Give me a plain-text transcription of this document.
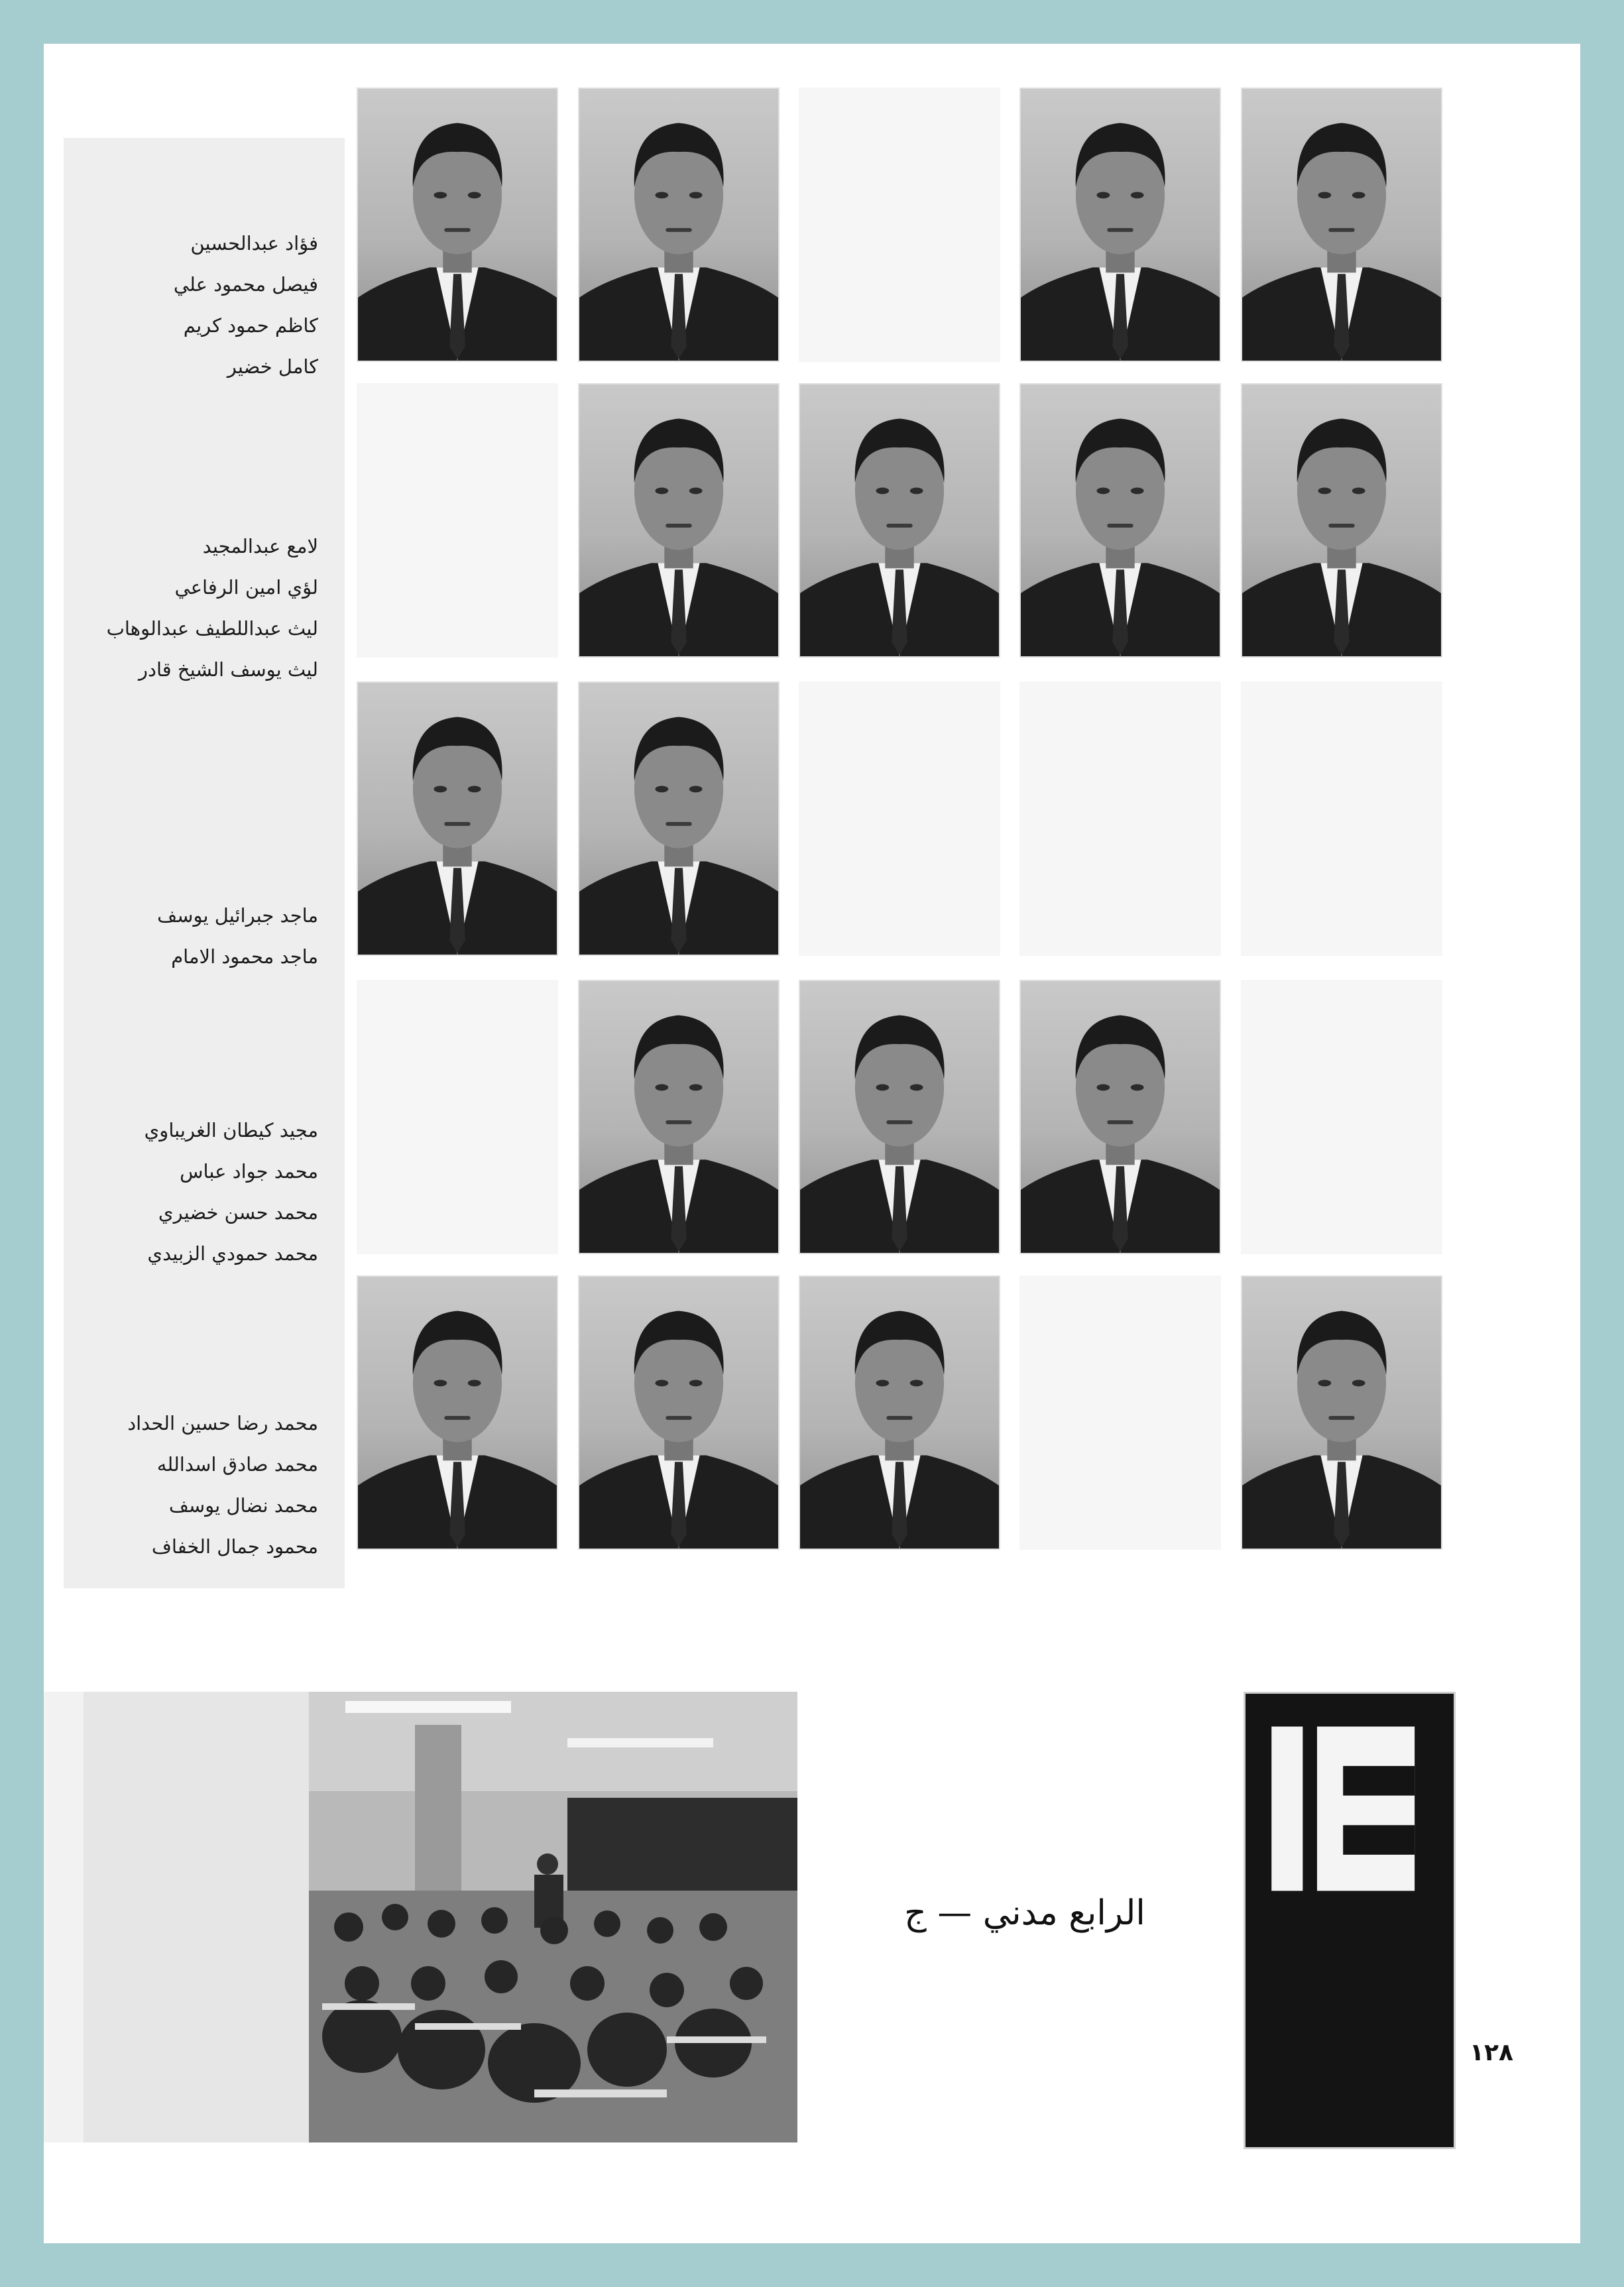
فؤاد عبدالحسين
فيصل محمود علي
كاظم حمود كريم
كامل خضير
لامع عبدالمجيد
لؤي امين الرفاعي
ليث عبداللطيف عبدالوهاب
ليث يوسف الشيخ قادر
ماجد جبرائيل يوسف
ماجد محمود الامام
مجيد كيطان الغريباوي
محمد جواد عباس
محمد حسن خضيري
محمد حمودي الزبيدي
محمد رضا حسين الحداد
محمد صادق اسدالله
محمد نضال يوسف
محمود جمال الخفاف
الرابع مدني — ج
١٢٨
